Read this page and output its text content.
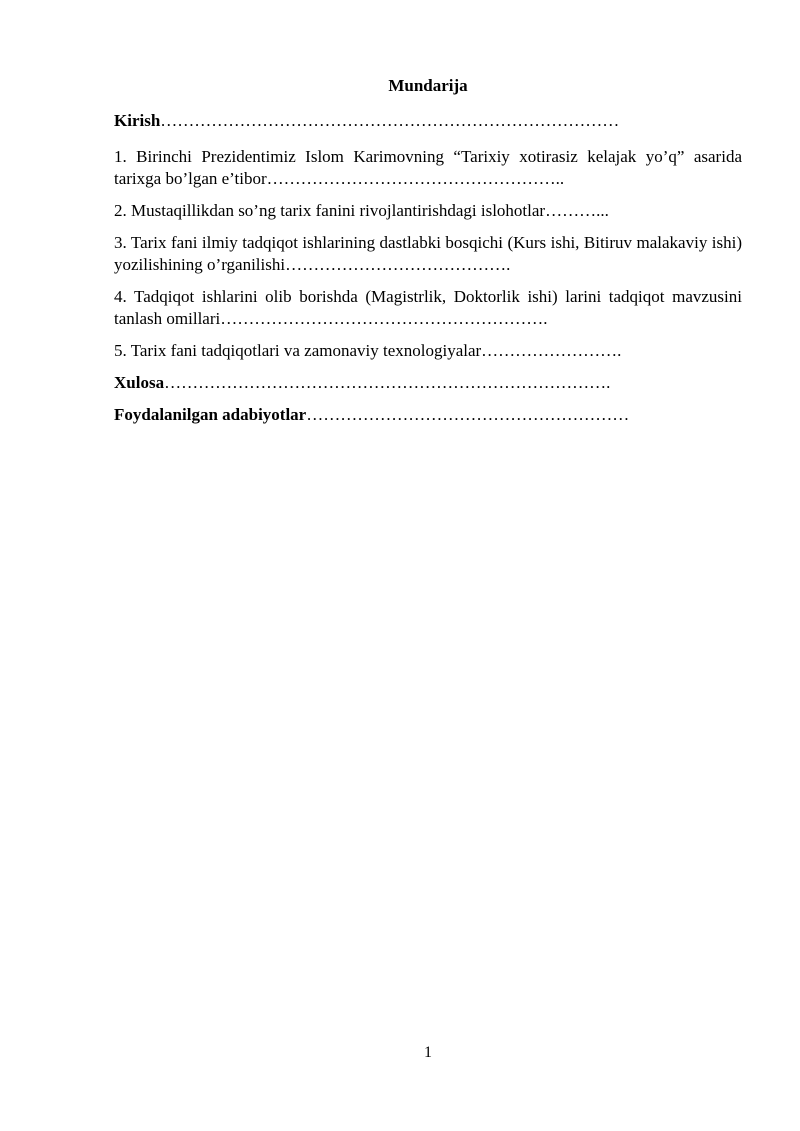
Mundarija
Kirish………………………………………………………………………
1. Birinchi Prezidentimiz Islom Karimovning “Tarixiy xotirasiz kelajak yo’q” asarida tarixga bo’lgan e’tibor……………………………………………..
2. Mustaqillikdan so’ng tarix fanini rivojlantirishdagi islohotlar………...
3. Tarix fani ilmiy tadqiqot ishlarining dastlabki bosqichi (Kurs ishi, Bitiruv malakaviy ishi) yozilishining o’rganilishi………………………………….
4. Tadqiqot ishlarini olib borishda (Magistrlik, Doktorlik ishi) larini tadqiqot mavzusini tanlash omillari………………………………………………….
5. Tarix fani tadqiqotlari va zamonaviy texnologiyalar…………………….
Xulosa…………………………………………………………………….
Foydalanilgan adabiyotlar…………………………………………………
1
